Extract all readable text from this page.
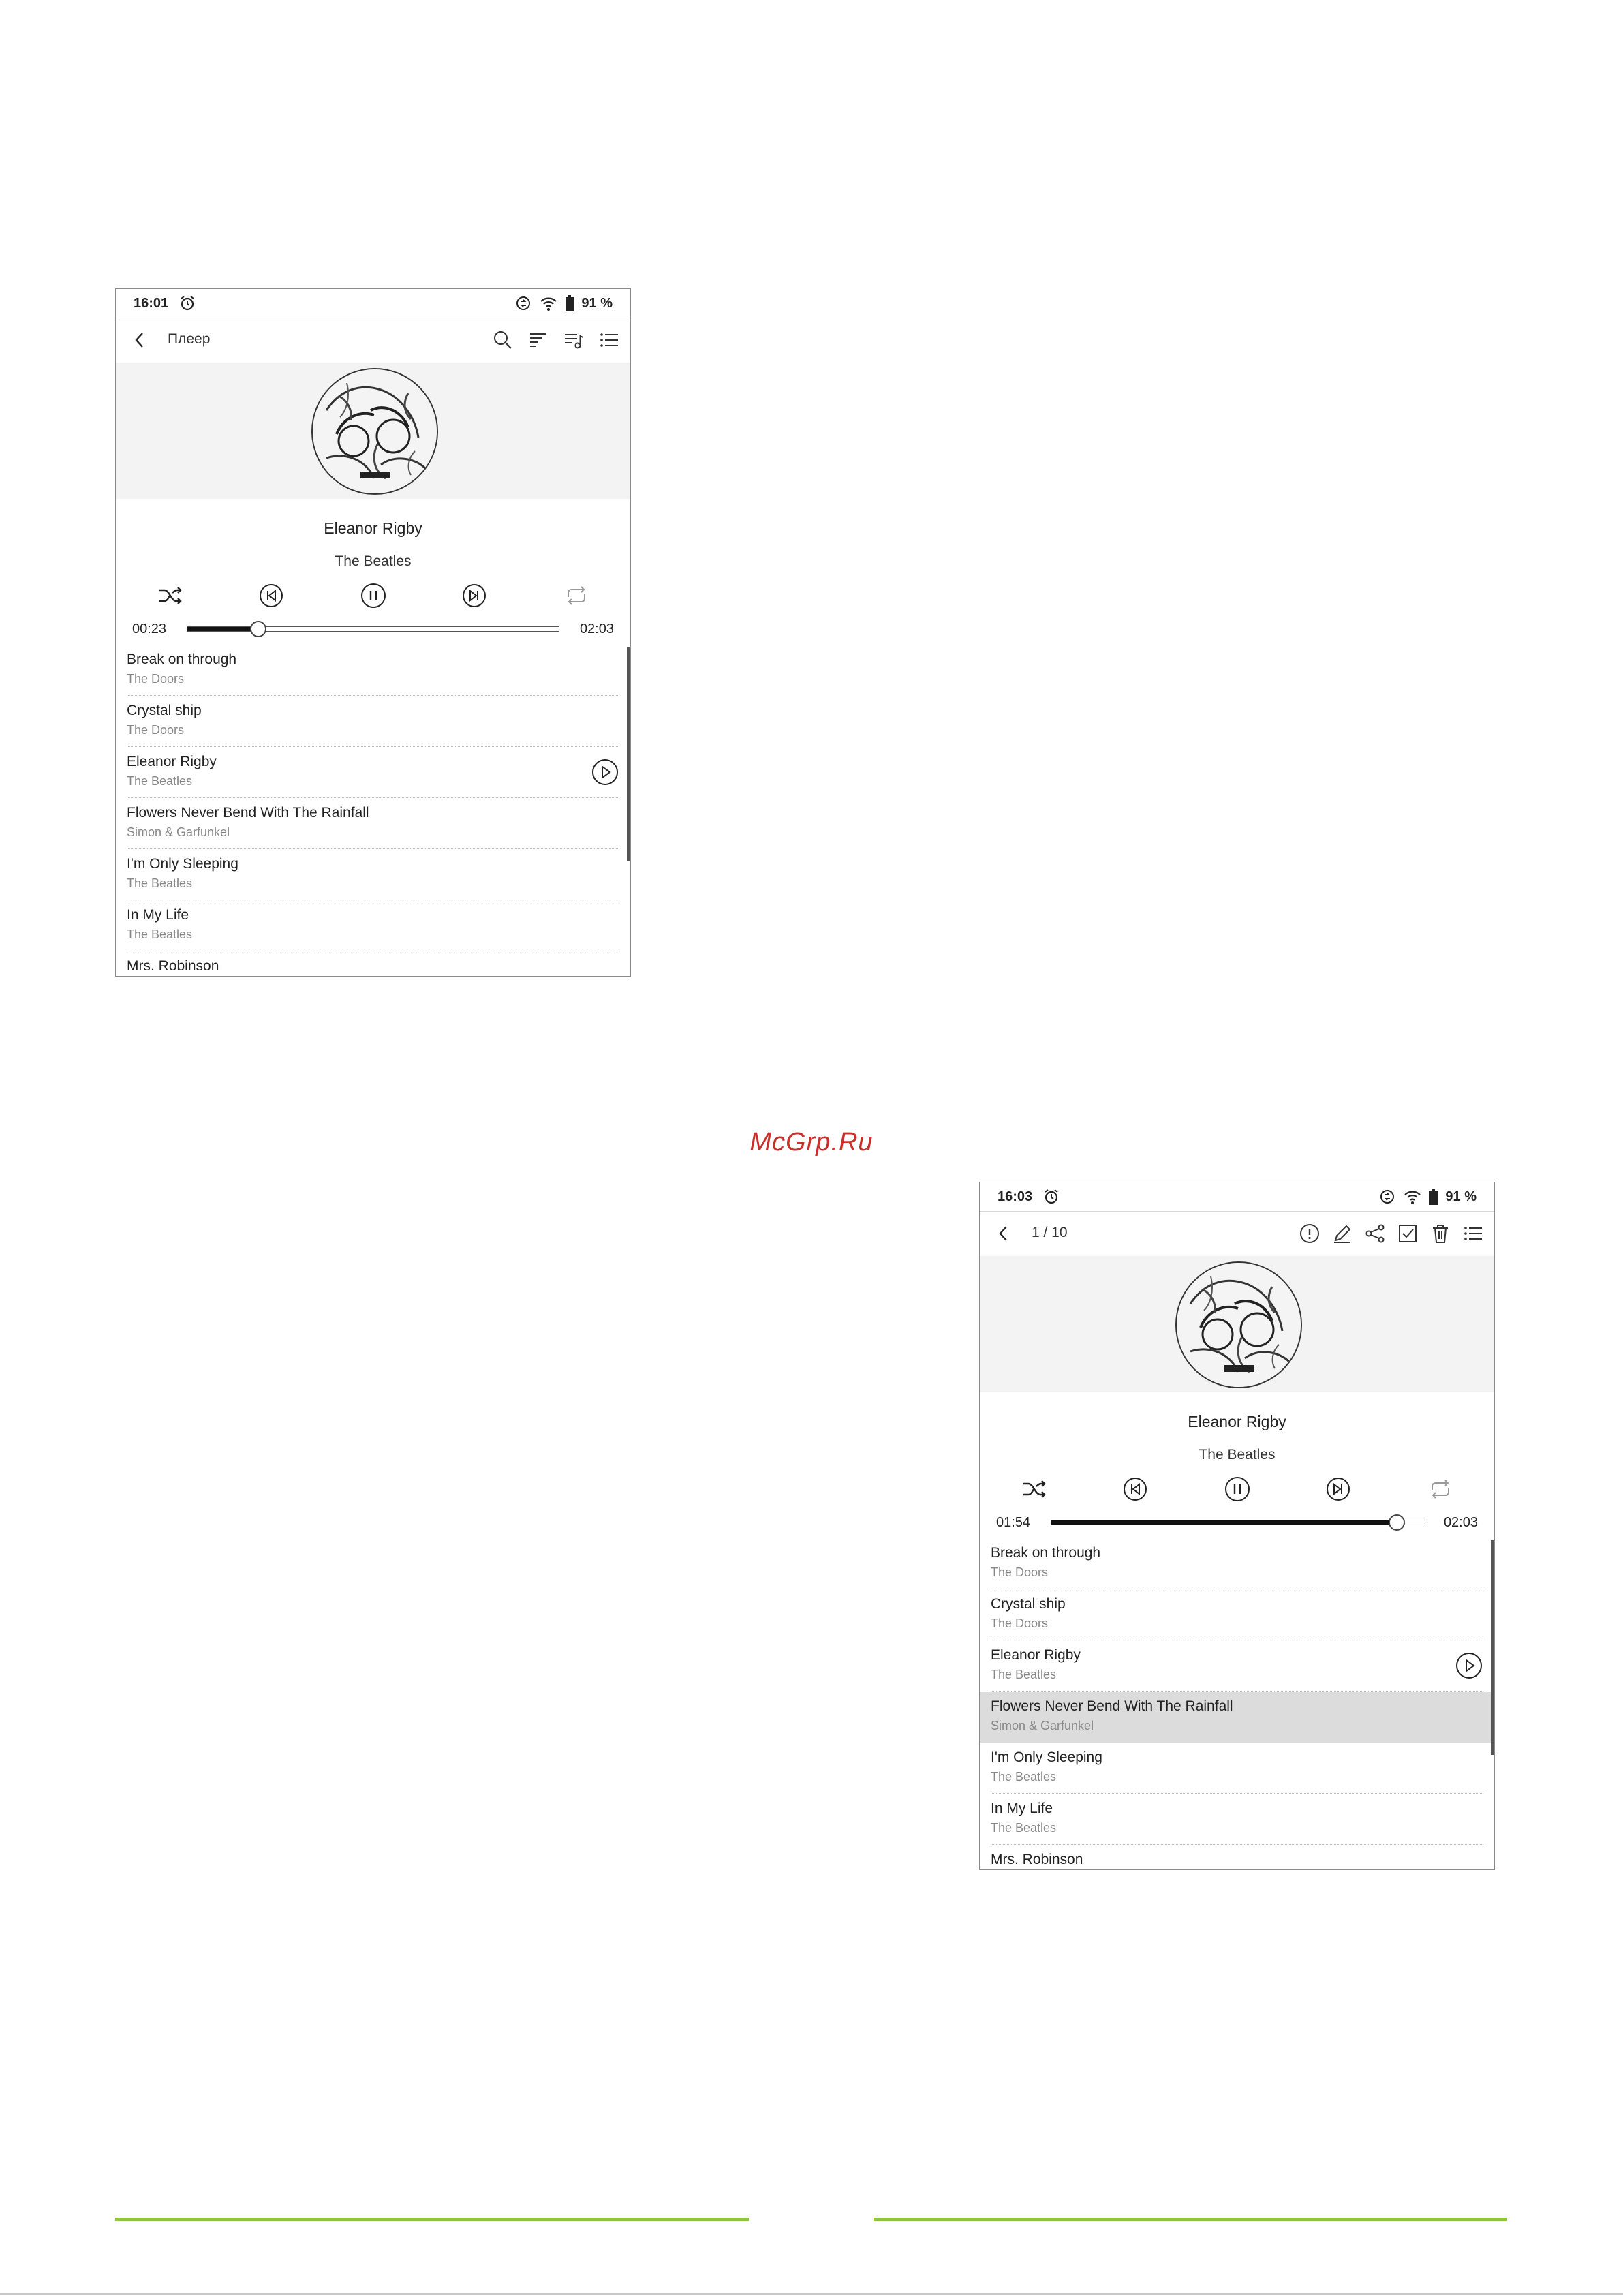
16:01	91 %
Плеер
Eleanor Rigby
The Beatles
00:23	02:03
Break on through
The Doors
Crystal ship
The Doors
Eleanor Rigby
The Beatles
Flowers Never Bend With The Rainfall
Simon & Garfunkel
I'm Only Sleeping
The Beatles
In My Life
The Beatles
Mrs. Robinson
McGrp.Ru
16:03	91 %
1 / 10
Eleanor Rigby
The Beatles
01:54	02:03
Break on through
The Doors
Crystal ship
The Doors
Eleanor Rigby
The Beatles
Flowers Never Bend With The Rainfall
Simon & Garfunkel
I'm Only Sleeping
The Beatles
In My Life
The Beatles
Mrs. Robinson
